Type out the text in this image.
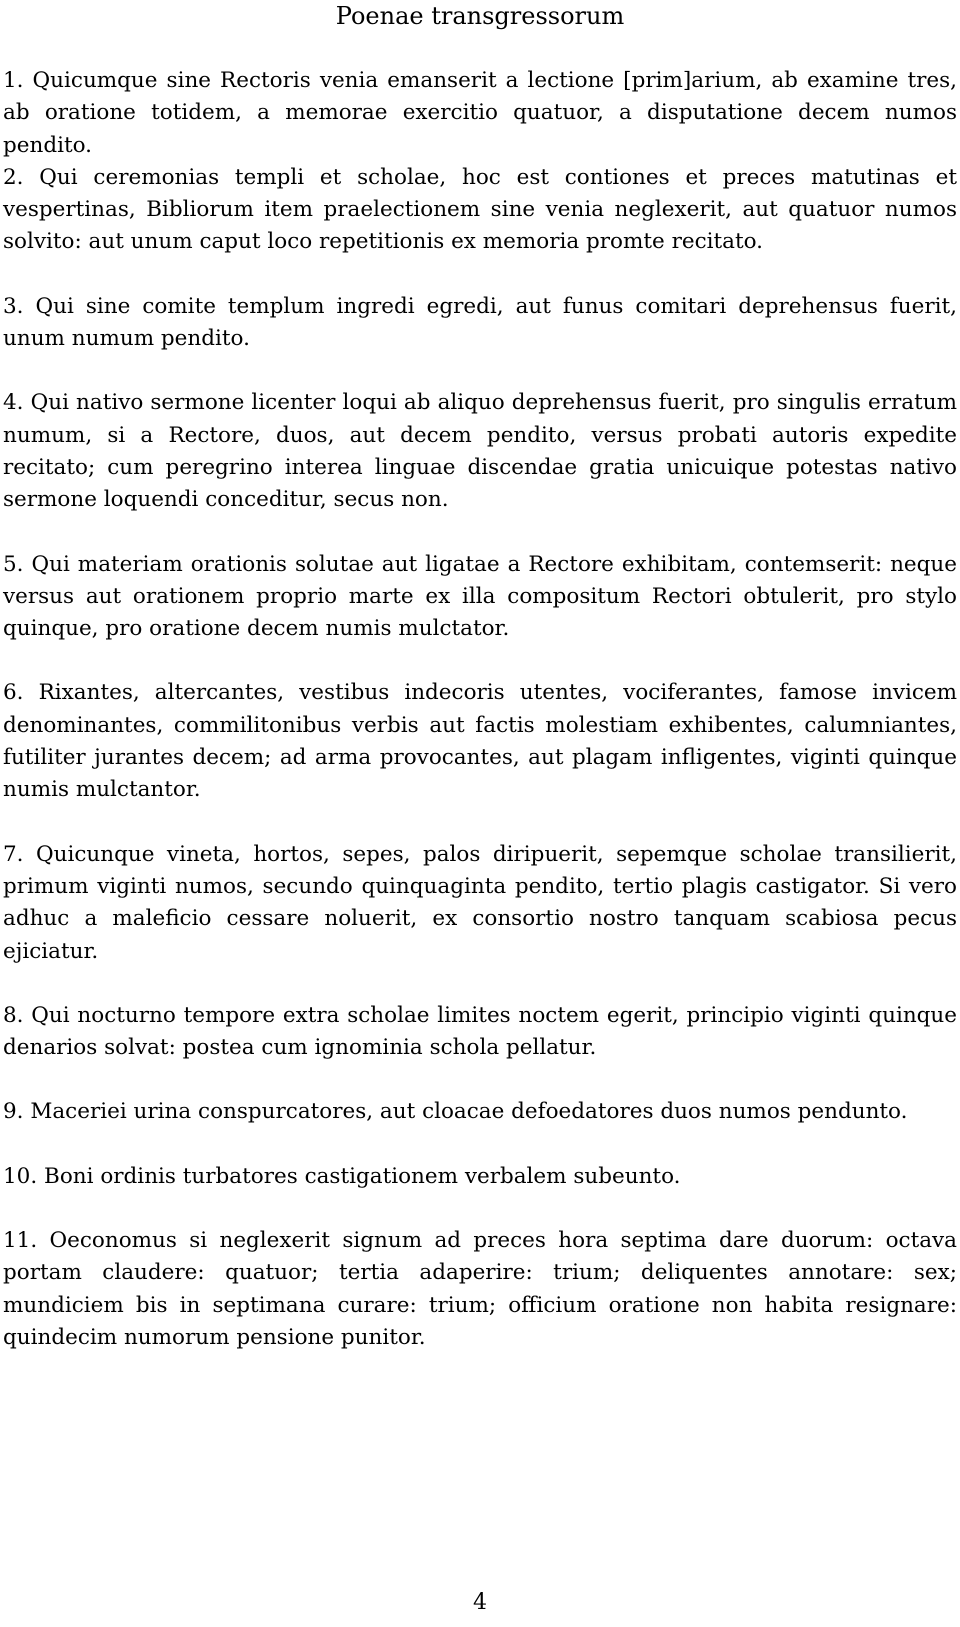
Poenae transgressorum

1. Quicumque sine Rectoris venia emanserit a lectione [prim]arium, ab examine tres, ab oratione totidem, a memorae exercitio quatuor, a disputatione decem numos pendito.

2. Qui ceremonias templi et scholae, hoc est contiones et preces matutinas et vespertinas, Bibliorum item praelectionem sine venia neglexerit, aut quatuor numos solvito: aut unum caput loco repetitionis ex memoria promte recitato.

3. Qui sine comite templum ingredi egredi, aut funus comitari deprehensus fuerit, unum numum pendito.

4. Qui nativo sermone licenter loqui ab aliquo deprehensus fuerit, pro singulis erratum numum, si a Rectore, duos, aut decem pendito, versus probati autoris expedite recitato; cum peregrino interea linguae discendae gratia unicuique potestas nativo sermone loquendi conceditur, secus non.

5. Qui materiam orationis solutae aut ligatae a Rectore exhibitam, contemserit: neque versus aut orationem proprio marte ex illa compositum Rectori obtulerit, pro stylo quinque, pro oratione decem numis mulctator.

6. Rixantes, altercantes, vestibus indecoris utentes, vociferantes, famose invicem denominantes, commilitonibus verbis aut factis molestiam exhibentes, calumniantes, futiliter jurantes decem; ad arma provocantes, aut plagam infligentes, viginti quinque numis mulctantor.

7. Quicunque vineta, hortos, sepes, palos diripuerit, sepemque scholae transilierit, primum viginti numos, secundo quinquaginta pendito, tertio plagis castigator. Si vero adhuc a maleficio cessare noluerit, ex consortio nostro tanquam scabiosa pecus ejiciatur.

8. Qui nocturno tempore extra scholae limites noctem egerit, principio viginti quinque denarios solvat: postea cum ignominia schola pellatur.

9. Maceriei urina conspurcatores, aut cloacae defoedatores duos numos pendunto.

10. Boni ordinis turbatores castigationem verbalem subeunto.

11. Oeconomus si neglexerit signum ad preces hora septima dare duorum: octava portam claudere: quatuor; tertia adaperire: trium; deliquentes annotare: sex; mundiciem bis in septimana curare: trium; officium oratione non habita resignare: quindecim numorum pensione punitor.

4
